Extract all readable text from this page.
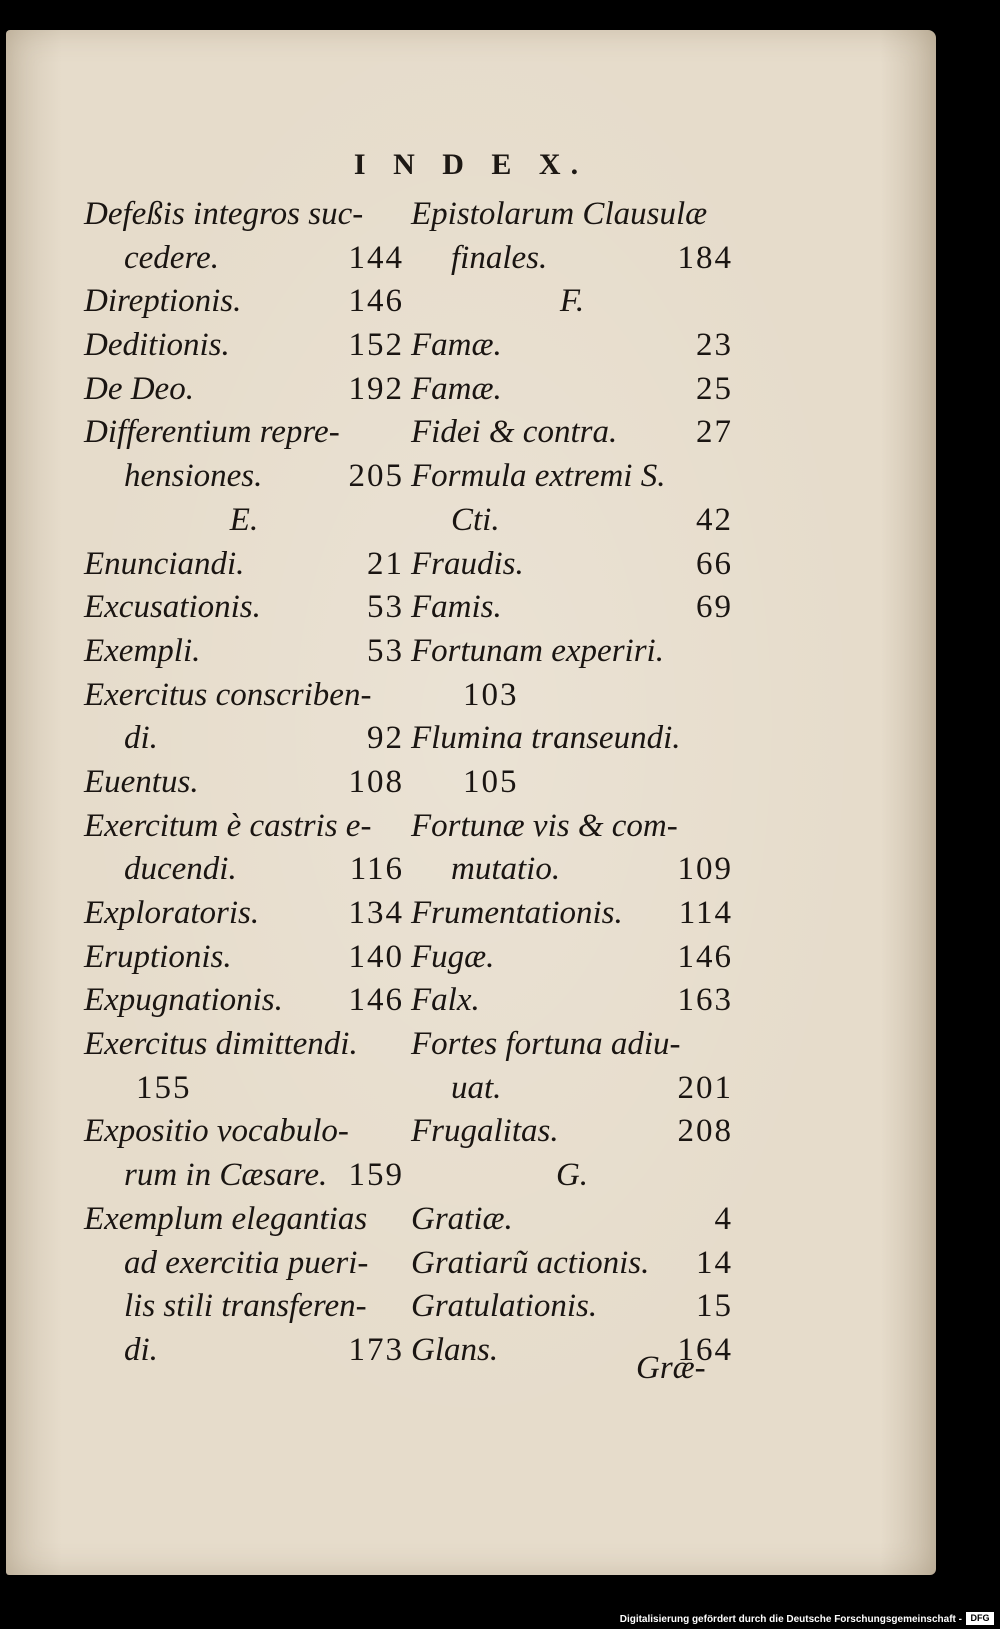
I N D E X.
Defeßis integros suc-
cedere.	144
Direptionis.	146
Deditionis.	152
De Deo.	192
Differentium repre-
hensiones.	205
E.
Enunciandi.	21
Excusationis.	53
Exempli.	53
Exercitus conscriben-
di.	92
Euentus.	108
Exercitum è castris e-
ducendi.	116
Exploratoris.	134
Eruptionis.	140
Expugnationis. 146
Exercitus dimittendi.
155
Expositio vocabulo-
rum in Cæsare. 159
Exemplum elegantias
ad exercitia pueri-
lis stili transferen-
di.	173
Epistolarum Clausulæ
finales.	184
F.
Famæ.	23
Famæ.	25
Fidei & contra. 27
Formula extremi S.
Cti.	42
Fraudis.	66
Famis.	69
Fortunam experiri.
103
Flumina transeundi.
105
Fortunæ vis & com-
mutatio.	109
Frumentationis. 114
Fugæ.	146
Falx.	163
Fortes fortuna adiu-
uat.	201
Frugalitas.	208
G.
Gratiæ.	4
Gratiarũ actionis. 14
Gratulationis.	15
Glans.	164
Græ-
Digitalisierung gefördert durch die Deutsche Forschungsgemeinschaft - DFG
